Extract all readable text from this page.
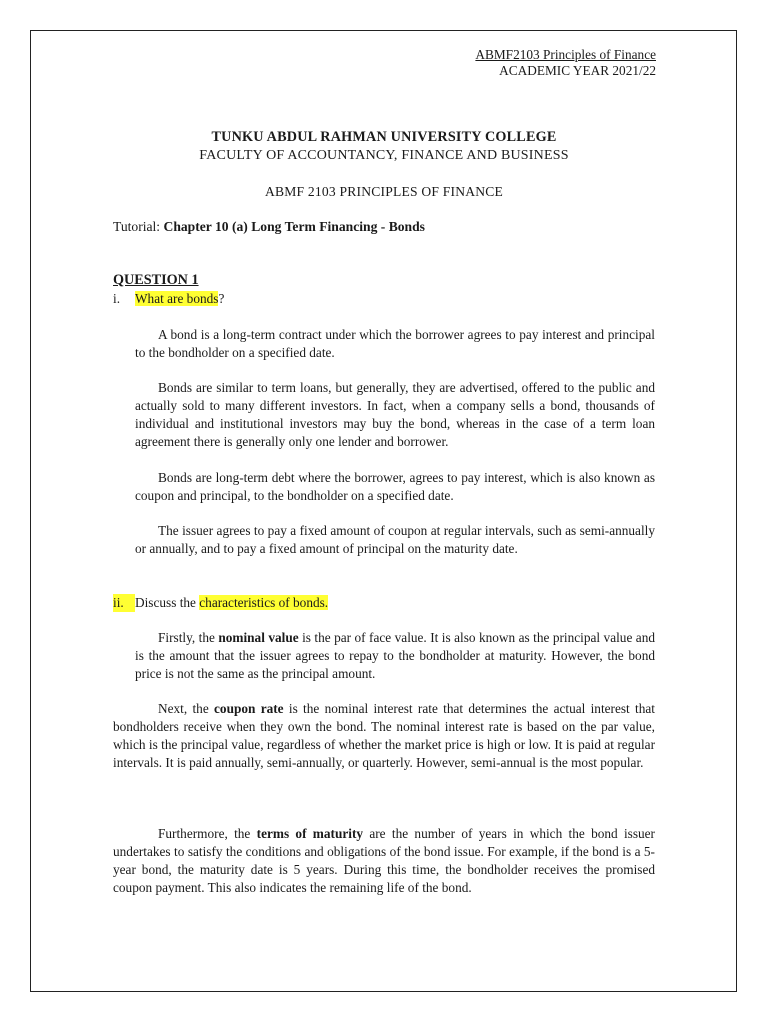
ABMF2103 Principles of Finance
ACADEMIC YEAR 2021/22
TUNKU ABDUL RAHMAN UNIVERSITY COLLEGE
FACULTY OF ACCOUNTANCY, FINANCE AND BUSINESS
ABMF 2103 PRINCIPLES OF FINANCE
Tutorial: Chapter 10 (a) Long Term Financing - Bonds
QUESTION 1
i. What are bonds?

A bond is a long-term contract under which the borrower agrees to pay interest and principal to the bondholder on a specified date.

Bonds are similar to term loans, but generally, they are advertised, offered to the public and actually sold to many different investors. In fact, when a company sells a bond, thousands of individual and institutional investors may buy the bond, whereas in the case of a term loan agreement there is generally only one lender and borrower.

Bonds are long-term debt where the borrower, agrees to pay interest, which is also known as coupon and principal, to the bondholder on a specified date.

The issuer agrees to pay a fixed amount of coupon at regular intervals, such as semi-annually or annually, and to pay a fixed amount of principal on the maturity date.

ii. Discuss the characteristics of bonds.

Firstly, the nominal value is the par of face value. It is also known as the principal value and is the amount that the issuer agrees to repay to the bondholder at maturity. However, the bond price is not the same as the principal amount.

Next, the coupon rate is the nominal interest rate that determines the actual interest that bondholders receive when they own the bond. The nominal interest rate is based on the par value, which is the principal value, regardless of whether the market price is high or low. It is paid at regular intervals. It is paid annually, semi-annually, or quarterly. However, semi-annual is the most popular.

Furthermore, the terms of maturity are the number of years in which the bond issuer undertakes to satisfy the conditions and obligations of the bond issue. For example, if the bond is a 5-year bond, the maturity date is 5 years. During this time, the bondholder receives the promised coupon payment. This also indicates the remaining life of the bond.
